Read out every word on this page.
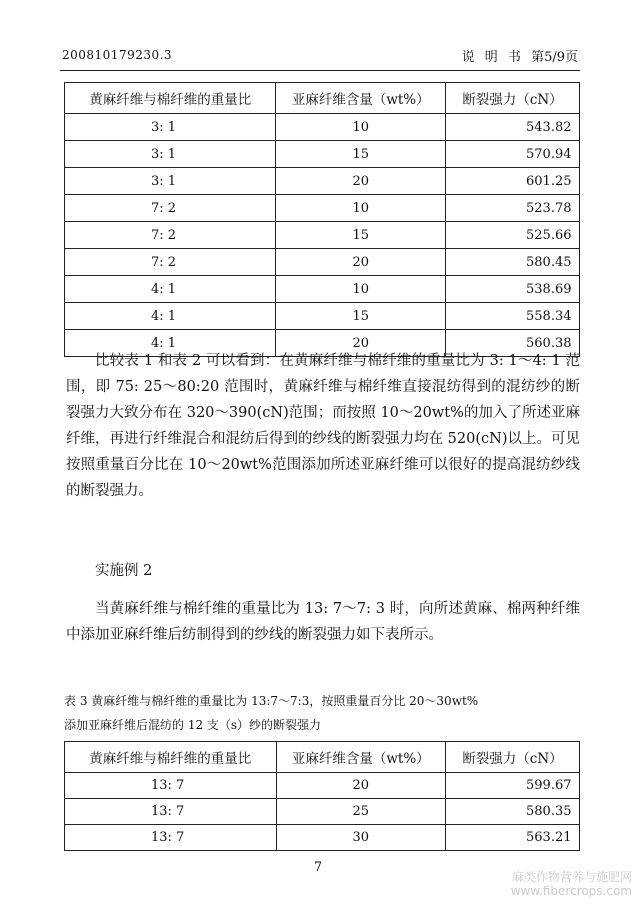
200810179230.3	说 明 书 第5/9页
黄麻纤维与棉纤维的重量比	亚麻纤维含量（wt%）	断裂强力（cN）
3: 1	10	543.82
3: 1	15	570.94
3: 1	20	601.25
7: 2	10	523.78
7: 2	15	525.66
7: 2	20	580.45
4: 1	10	538.69
4: 1	15	558.34
4: 1	20	560.38

比较表 1 和表 2 可以看到：在黄麻纤维与棉纤维的重量比为 3: 1～4: 1 范围，即 75: 25～80:20 范围时，黄麻纤维与棉纤维直接混纺得到的混纺纱的断裂强力大致分布在 320～390(cN)范围；而按照 10～20wt%的加入了所述亚麻纤维，再进行纤维混合和混纺后得到的纱线的断裂强力均在 520(cN)以上。可见按照重量百分比在 10～20wt%范围添加所述亚麻纤维可以很好的提高混纺纱线的断裂强力。

实施例 2

当黄麻纤维与棉纤维的重量比为 13: 7～7: 3 时，向所述黄麻、棉两种纤维中添加亚麻纤维后纺制得到的纱线的断裂强力如下表所示。

表 3 黄麻纤维与棉纤维的重量比为 13:7～7:3，按照重量百分比 20～30wt%

添加亚麻纤维后混纺的 12 支（s）纱的断裂强力

黄麻纤维与棉纤维的重量比	亚麻纤维含量（wt%）	断裂强力（cN）
13: 7	20	599.67
13: 7	25	580.35
13: 7	30	563.21
7
麻类作物营养与施肥网
www.fibercrops.com
